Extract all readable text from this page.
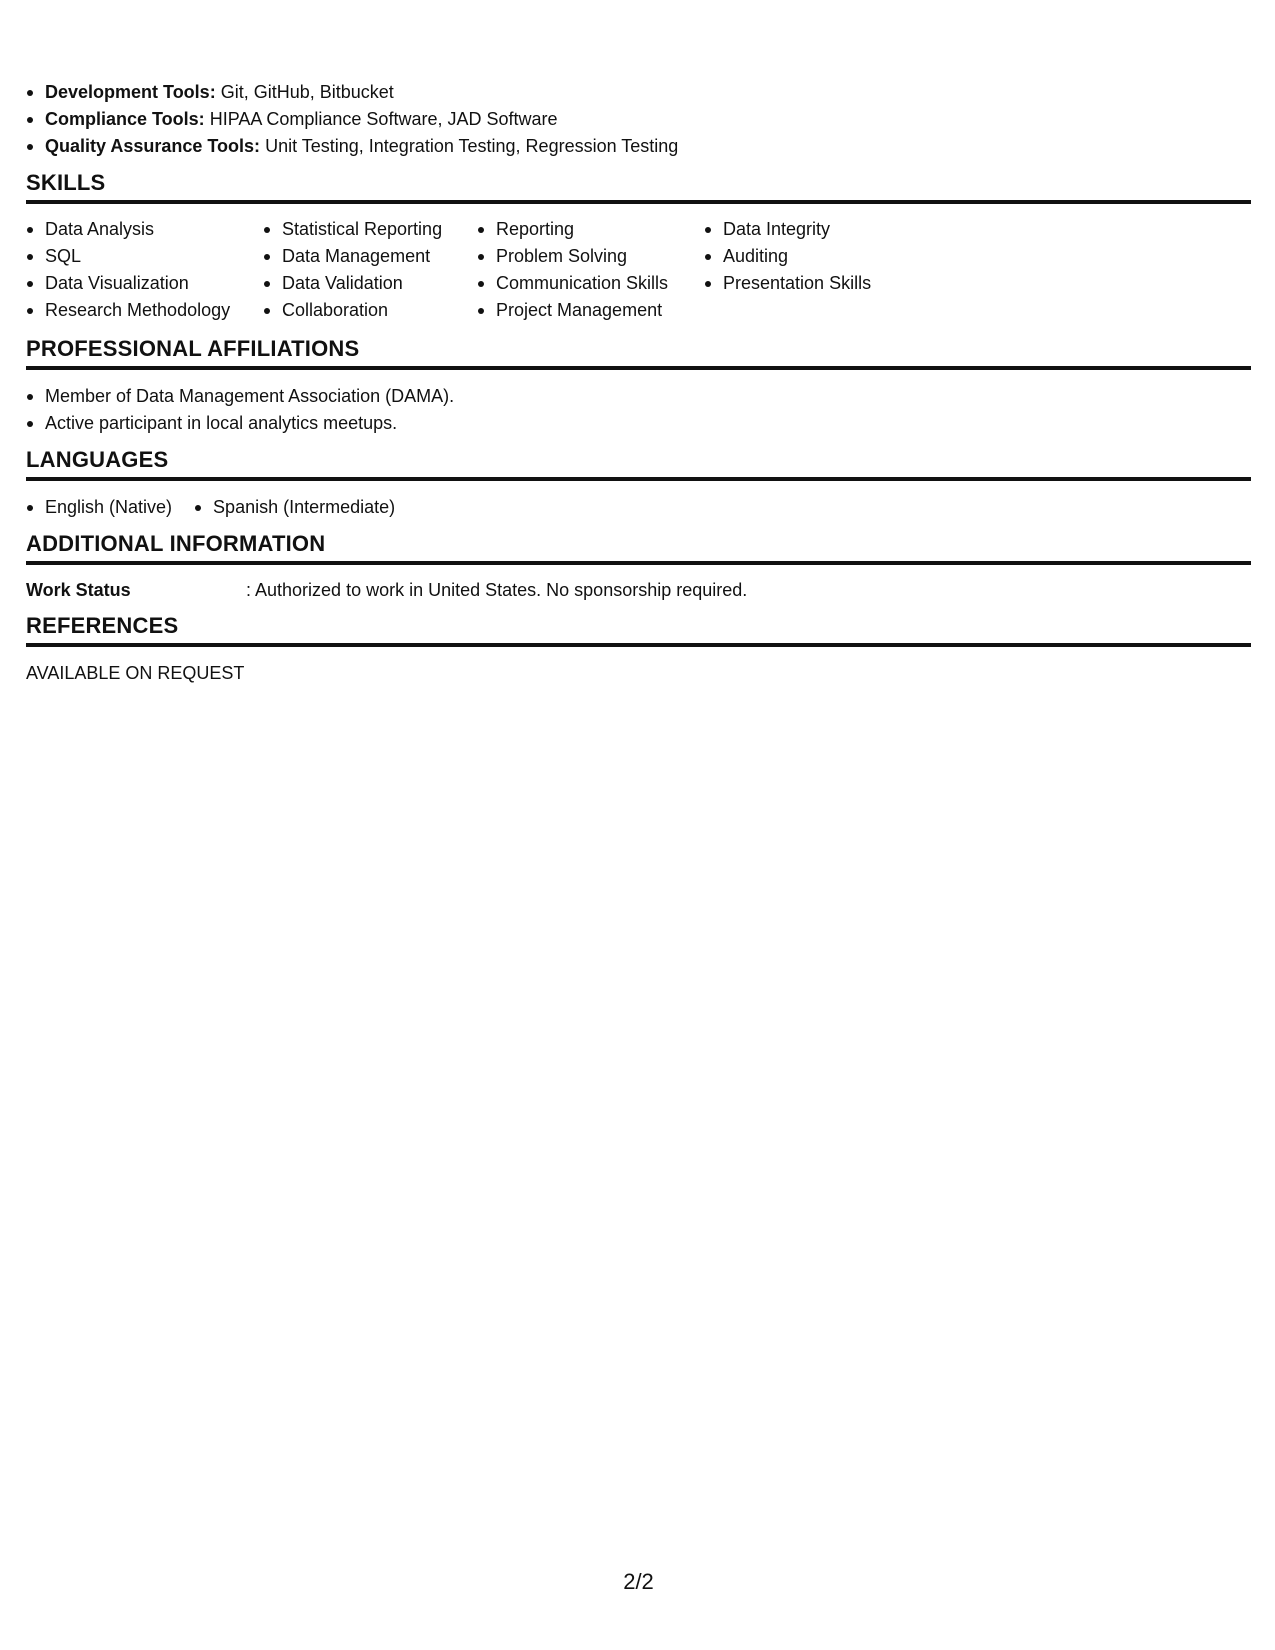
Development Tools: Git, GitHub, Bitbucket
Compliance Tools: HIPAA Compliance Software, JAD Software
Quality Assurance Tools: Unit Testing, Integration Testing, Regression Testing
SKILLS
Data Analysis
SQL
Data Visualization
Research Methodology
Statistical Reporting
Data Management
Data Validation
Collaboration
Reporting
Problem Solving
Communication Skills
Project Management
Data Integrity
Auditing
Presentation Skills
PROFESSIONAL AFFILIATIONS
Member of Data Management Association (DAMA).
Active participant in local analytics meetups.
LANGUAGES
English (Native)	Spanish (Intermediate)
ADDITIONAL INFORMATION
Work Status	: Authorized to work in United States. No sponsorship required.
REFERENCES
AVAILABLE ON REQUEST
2/2
